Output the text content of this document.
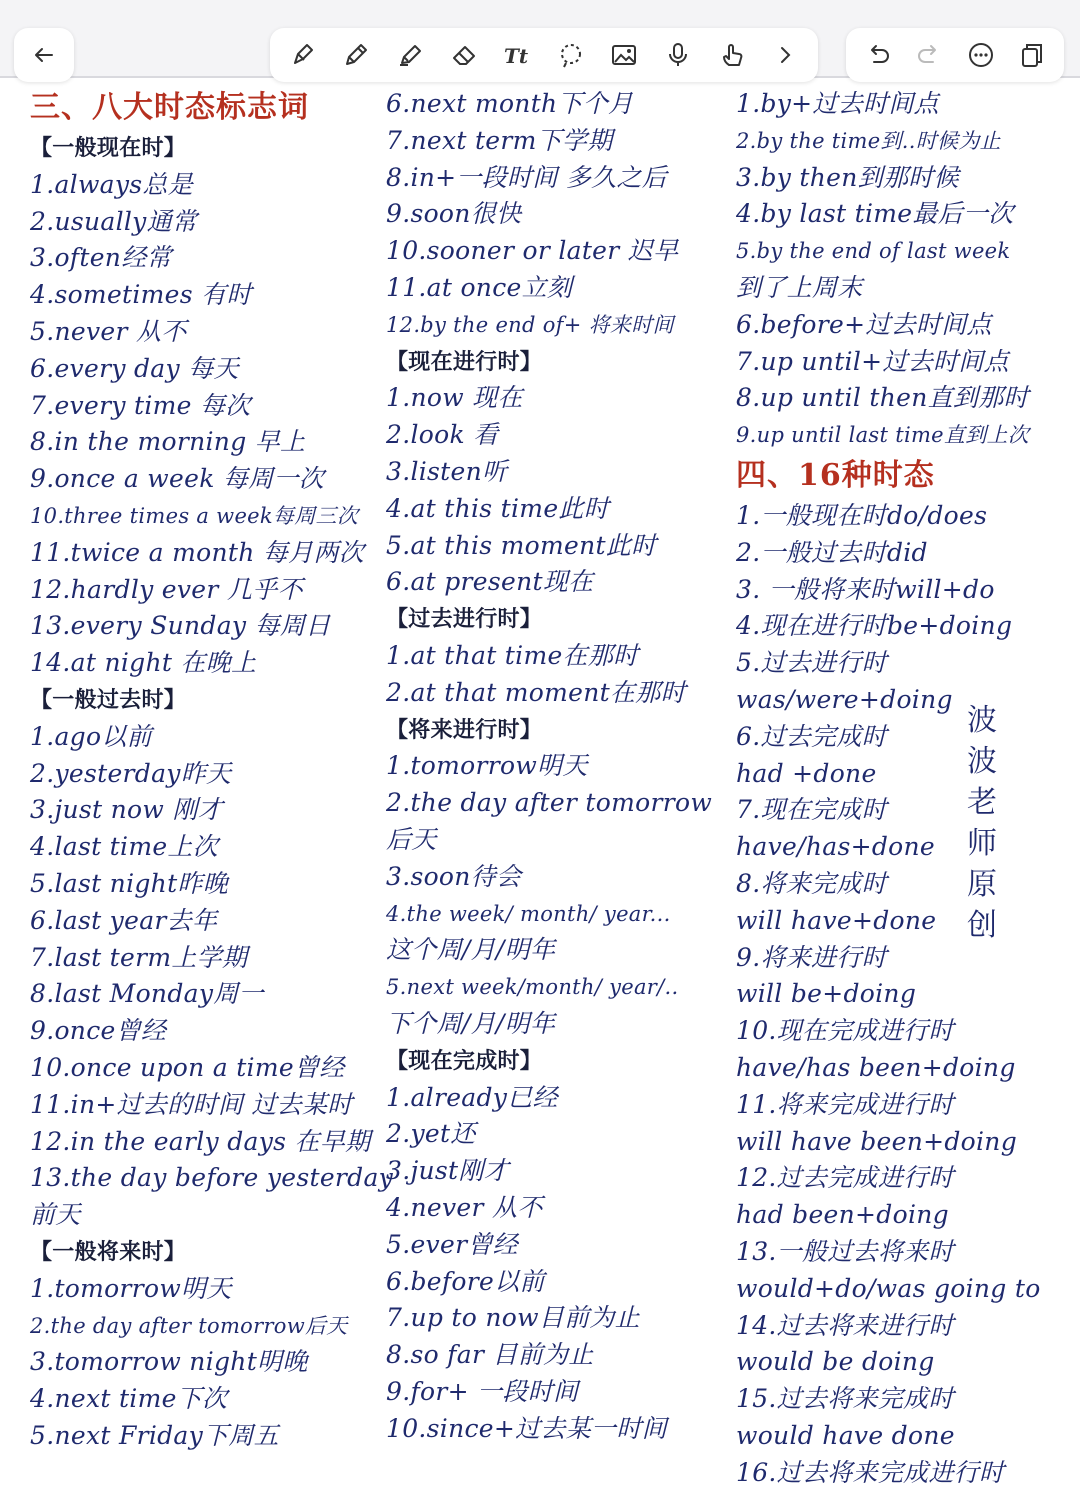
Tt
三、八大时态标志词
【一般现在时】
1.always总是
2.usually通常
3.often经常
4.sometimes 有时
5.never 从不
6.every day 每天
7.every time 每次
8.in the morning 早上
9.once a week 每周一次
10.three times a week每周三次
11.twice a month 每月两次
12.hardly ever 几乎不
13.every Sunday 每周日
14.at night 在晚上
【一般过去时】
1.ago以前
2.yesterday昨天
3.just now 刚才
4.last time上次
5.last night昨晚
6.last year去年
7.last term上学期
8.last Monday周一
9.once曾经
10.once upon a time曾经
11.in+过去的时间 过去某时
12.in the early days 在早期
13.the day before yesterday
前天
【一般将来时】
1.tomorrow明天
2.the day after tomorrow后天
3.tomorrow night明晚
4.next time下次
5.next Friday下周五
6.next month下个月
7.next term下学期
8.in+一段时间 多久之后
9.soon很快
10.sooner or later 迟早
11.at once立刻
12.by the end of+ 将来时间
【现在进行时】
1.now 现在
2.look 看
3.listen听
4.at this time此时
5.at this moment此时
6.at present现在
【过去进行时】
1.at that time在那时
2.at that moment在那时
【将来进行时】
1.tomorrow明天
2.the day after tomorrow
后天
3.soon待会
4.the week/ month/ year...
这个周/月/明年
5.next week/month/ year/..
下个周/月/明年
【现在完成时】
1.already已经
2.yet还
3.just刚才
4.never 从不
5.ever曾经
6.before以前
7.up to now目前为止
8.so far 目前为止
9.for+ 一段时间
10.since+过去某一时间
1.by+过去时间点
2.by the time到..时候为止
3.by then到那时候
4.by last time最后一次
5.by the end of last week
到了上周末
6.before+过去时间点
7.up until+过去时间点
8.up until then直到那时
9.up until last time直到上次
四、16种时态
1.一般现在时do/does
2.一般过去时did
3. 一般将来时will+do
4.现在进行时be+doing
5.过去进行时
was/were+doing
6.过去完成时
had +done
7.现在完成时
have/has+done
8.将来完成时
will have+done
9.将来进行时
will be+doing
10.现在完成进行时
have/has been+doing
11.将来完成进行时
will have been+doing
12.过去完成进行时
had been+doing
13.一般过去将来时
would+do/was going to
14.过去将来进行时
would be doing
15.过去将来完成时
would have done
16.过去将来完成进行时
波
波
老
师
原
创
